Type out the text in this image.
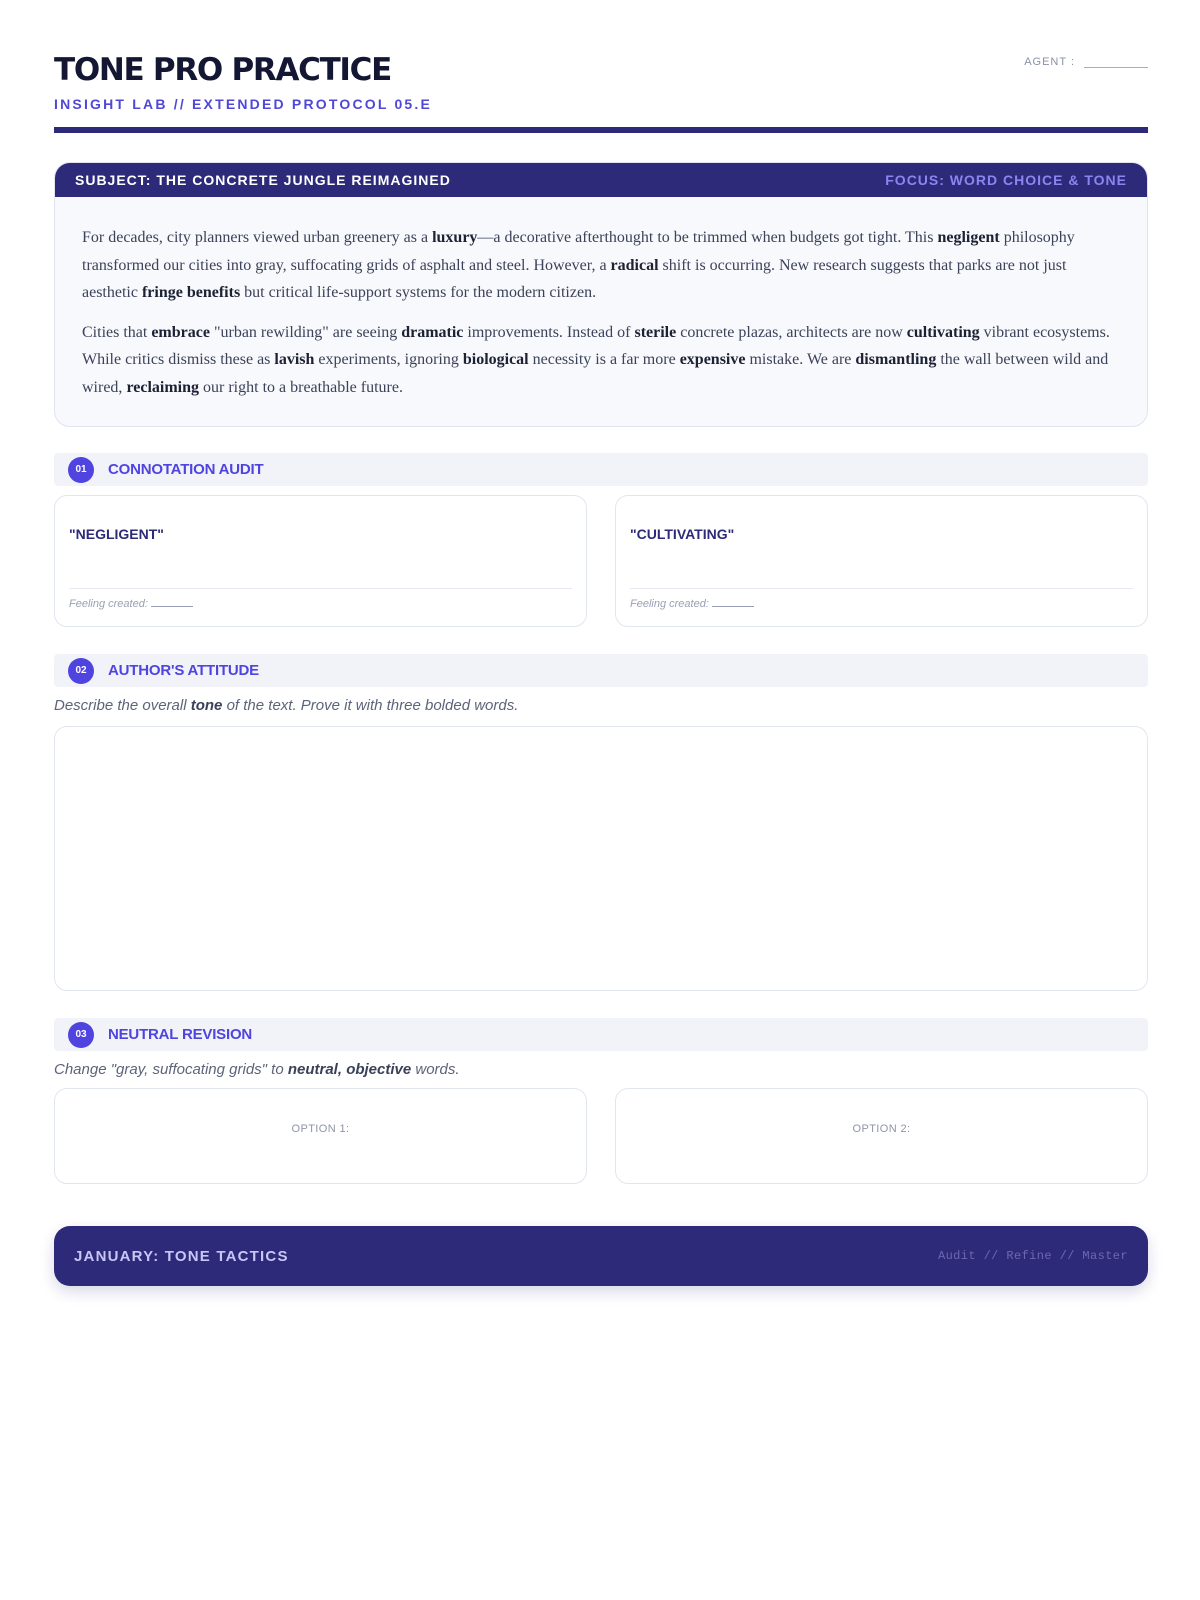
TONE PRO PRACTICE
INSIGHT LAB // EXTENDED PROTOCOL 05.E
AGENT :
SUBJECT: THE CONCRETE JUNGLE REIMAGINED	FOCUS: WORD CHOICE & TONE

For decades, city planners viewed urban greenery as a luxury—a decorative afterthought to be trimmed when budgets got tight. This negligent philosophy transformed our cities into gray, suffocating grids of asphalt and steel. However, a radical shift is occurring. New research suggests that parks are not just aesthetic fringe benefits but critical life-support systems for the modern citizen.

Cities that embrace "urban rewilding" are seeing dramatic improvements. Instead of sterile concrete plazas, architects are now cultivating vibrant ecosystems. While critics dismiss these as lavish experiments, ignoring biological necessity is a far more expensive mistake. We are dismantling the wall between wild and wired, reclaiming our right to a breathable future.

01	CONNOTATION AUDIT
"NEGLIGENT"
Feeling created:
"CULTIVATING"
Feeling created:
02	AUTHOR'S ATTITUDE
Describe the overall tone of the text. Prove it with three bolded words.
03	NEUTRAL REVISION
Change "gray, suffocating grids" to neutral, objective words.
OPTION 1:	OPTION 2:
JANUARY: TONE TACTICS	Audit // Refine // Master
